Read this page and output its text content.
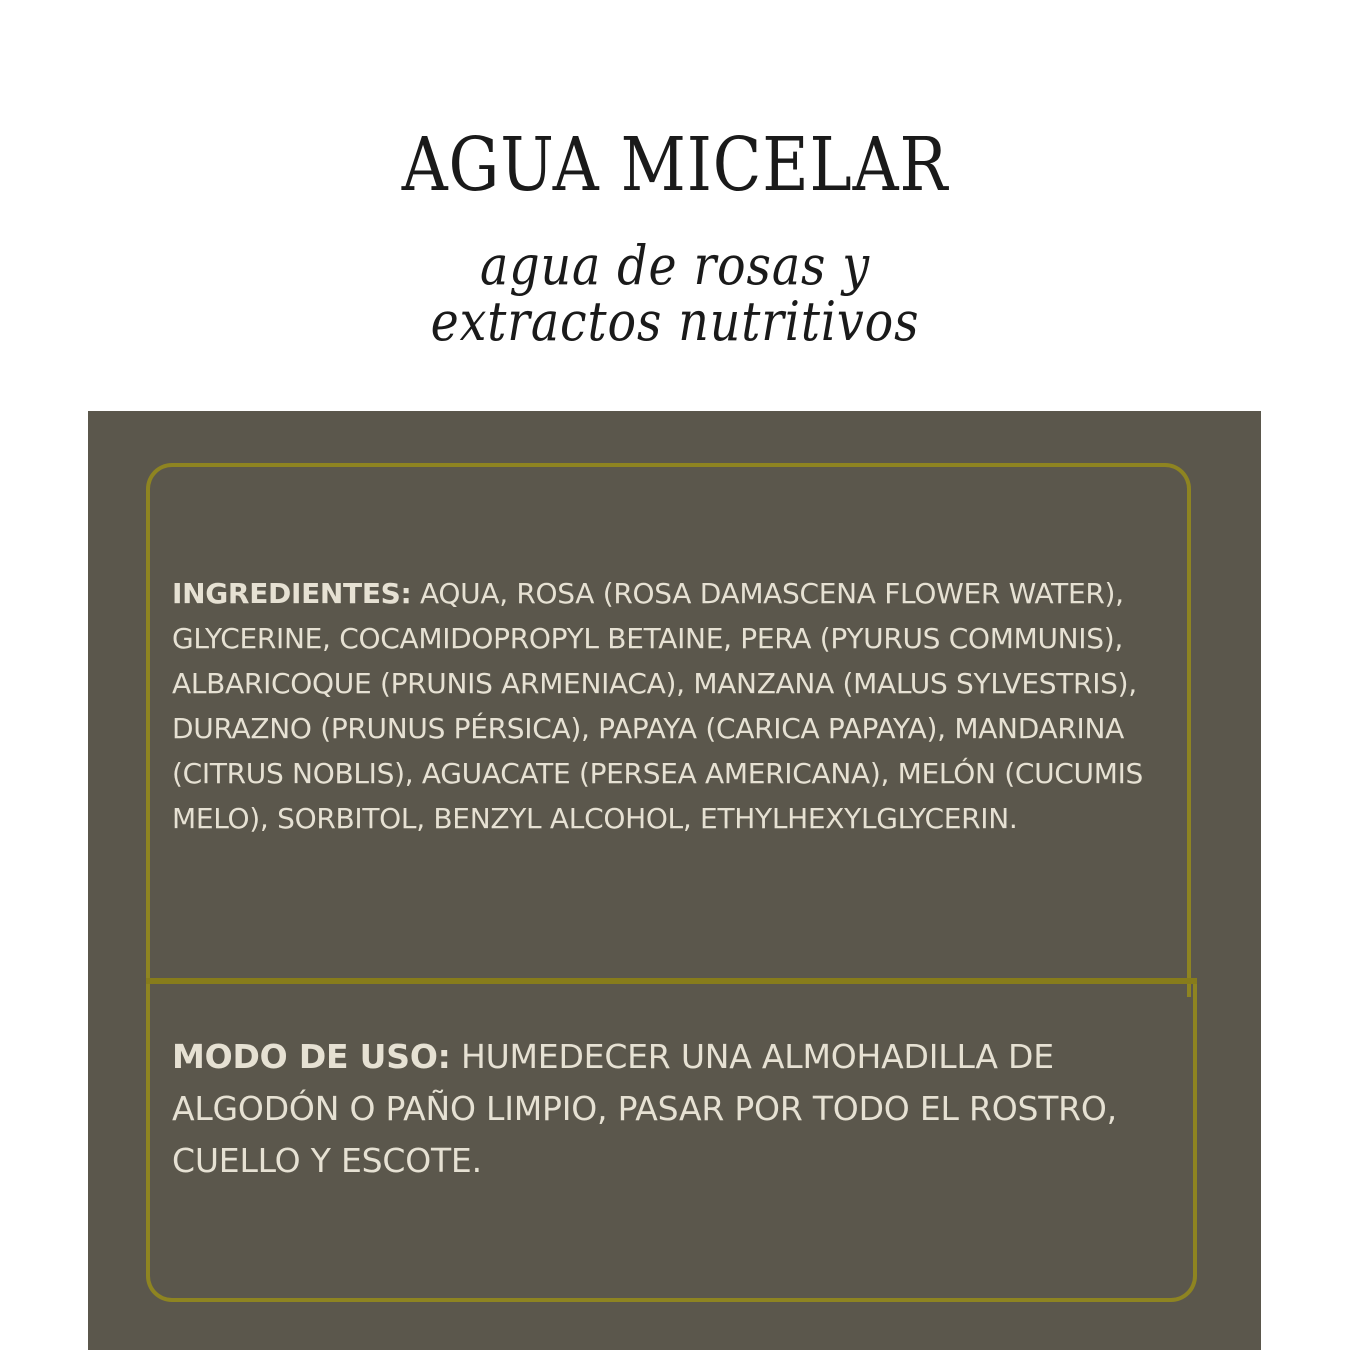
AGUA MICELAR
agua de rosas y
extractos nutritivos
INGREDIENTES: AQUA, ROSA (ROSA DAMASCENA FLOWER WATER), GLYCERINE, COCAMIDOPROPYL BETAINE, PERA (PYURUS COMMUNIS), ALBARICOQUE (PRUNIS ARMENIACA), MANZANA (MALUS SYLVESTRIS), DURAZNO (PRUNUS PÉRSICA), PAPAYA (CARICA PAPAYA), MANDARINA (CITRUS NOBLIS), AGUACATE (PERSEA AMERICANA), MELÓN (CUCUMIS MELO), SORBITOL, BENZYL ALCOHOL, ETHYLHEXYLGLYCERIN.
MODO DE USO: HUMEDECER UNA ALMOHADILLA DE ALGODÓN O PAÑO LIMPIO, PASAR POR TODO EL ROSTRO, CUELLO Y ESCOTE.
